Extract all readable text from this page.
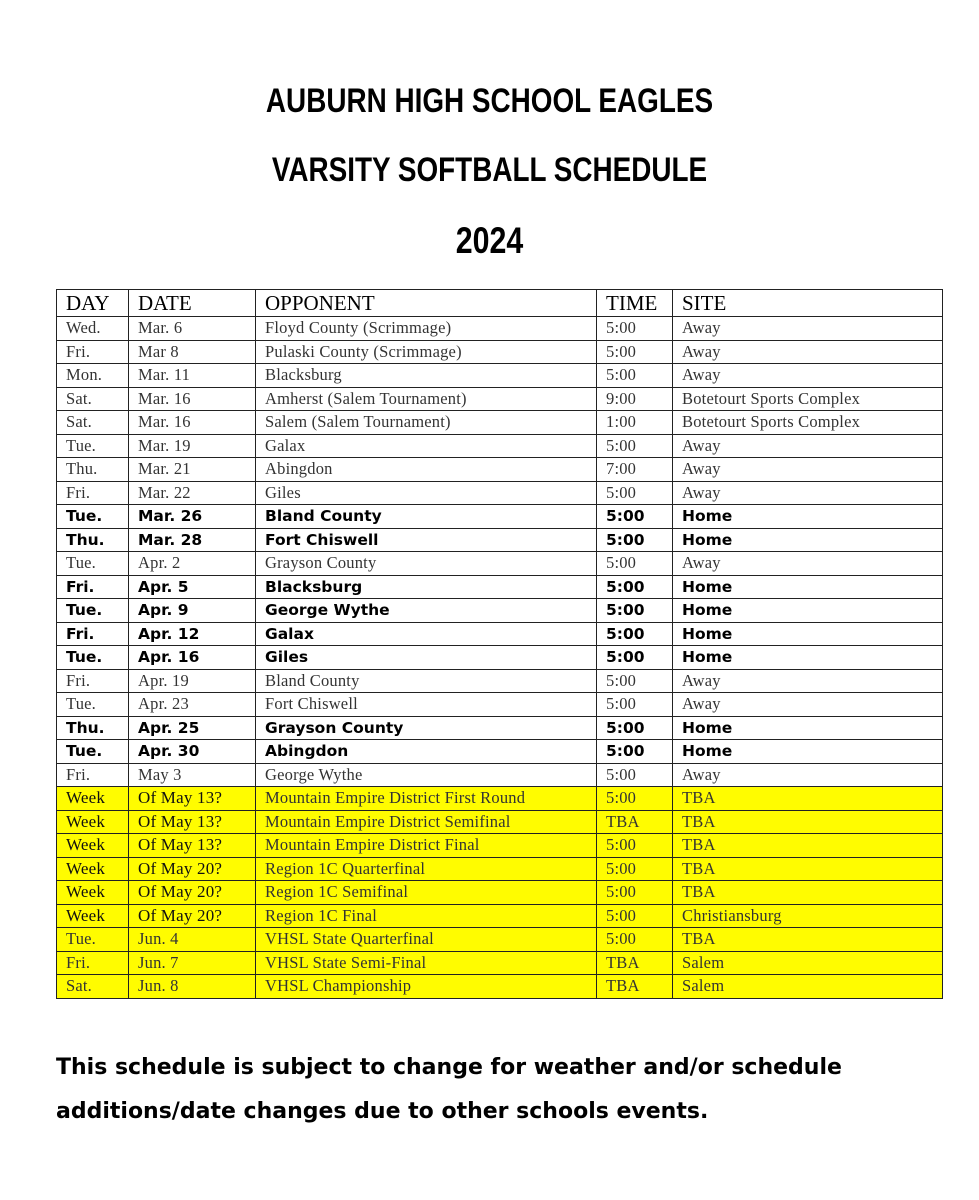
AUBURN HIGH SCHOOL EAGLES
VARSITY SOFTBALL SCHEDULE
2024
DAY	DATE	OPPONENT	TIME	SITE
Wed.	Mar. 6	Floyd County (Scrimmage)	5:00	Away
Fri.	Mar 8	Pulaski County (Scrimmage)	5:00	Away
Mon.	Mar. 11	Blacksburg	5:00	Away
Sat.	Mar. 16	Amherst (Salem Tournament)	9:00	Botetourt Sports Complex
Sat.	Mar. 16	Salem (Salem Tournament)	1:00	Botetourt Sports Complex
Tue.	Mar. 19	Galax	5:00	Away
Thu.	Mar. 21	Abingdon	7:00	Away
Fri.	Mar. 22	Giles	5:00	Away
Tue.	Mar. 26	Bland County	5:00	Home
Thu.	Mar. 28	Fort Chiswell	5:00	Home
Tue.	Apr. 2	Grayson County	5:00	Away
Fri.	Apr. 5	Blacksburg	5:00	Home
Tue.	Apr. 9	George Wythe	5:00	Home
Fri.	Apr. 12	Galax	5:00	Home
Tue.	Apr. 16	Giles	5:00	Home
Fri.	Apr. 19	Bland County	5:00	Away
Tue.	Apr. 23	Fort Chiswell	5:00	Away
Thu.	Apr. 25	Grayson County	5:00	Home
Tue.	Apr. 30	Abingdon	5:00	Home
Fri.	May 3	George Wythe	5:00	Away
Week	Of May 13?	Mountain Empire District First Round	5:00	TBA
Week	Of May 13?	Mountain Empire District Semifinal	TBA	TBA
Week	Of May 13?	Mountain Empire District Final	5:00	TBA
Week	Of May 20?	Region 1C Quarterfinal	5:00	TBA
Week	Of May 20?	Region 1C Semifinal	5:00	TBA
Week	Of May 20?	Region 1C Final	5:00	Christiansburg
Tue.	Jun. 4	VHSL State Quarterfinal	5:00	TBA
Fri.	Jun. 7	VHSL State Semi-Final	TBA	Salem
Sat.	Jun. 8	VHSL Championship	TBA	Salem
This schedule is subject to change for weather and/or schedule
additions/date changes due to other schools events.
